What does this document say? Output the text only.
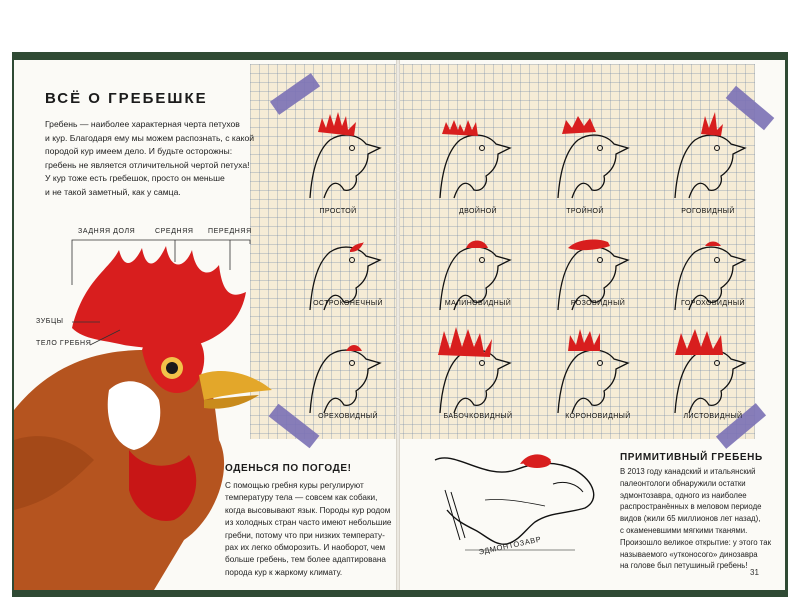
ВСЁ О ГРЕБЕШКЕ
Гребень — наиболее характерная черта петухов
и кур. Благодаря ему мы можем распознать, с какой
породой кур имеем дело. И будьте осторожны:
гребень не является отличительной чертой петуха!
У кур тоже есть гребешок, просто он меньше
и не такой заметный, как у самца.
ЗАДНЯЯ ДОЛЯ	СРЕДНЯЯ ПЕРЕДНЯЯ
ЗУБЦЫ
ТЕЛО ГРЕБНЯ
ПРОСТОЙ	ДВОЙНОЙ	ТРОЙНОЙ	РОГОВИДНЫЙ
ОСТРОКОНЕЧНЫЙ	МАЛИНОВИДНЫЙ	РОЗОВИДНЫЙ	ГОРОХОВИДНЫЙ
ОРЕХОВИДНЫЙ	БАБОЧКОВИДНЫЙ	КОРОНОВИДНЫЙ	ЛИСТОВИДНЫЙ
ОДЕНЬСЯ ПО ПОГОДЕ!
С помощью гребня куры регулируют
температуру тела — совсем как собаки,
когда высовывают язык. Породы кур родом
из холодных стран часто имеют небольшие
гребни, потому что при низких температу-
рах их легко обморозить. И наоборот, чем
больше гребень, тем более адаптирована
порода кур к жаркому климату.
ЭДМОНТОЗАВР
ПРИМИТИВНЫЙ ГРЕБЕНЬ
В 2013 году канадский и итальянский
палеонтологи обнаружили остатки
эдмонтозавра, одного из наиболее
распространённых в меловом периоде
видов (жили 65 миллионов лет назад),
с окаменевшими мягкими тканями.
Произошло великое открытие: у этого так
называемого «утконосого» динозавра
на голове был петушиный гребень!
31
